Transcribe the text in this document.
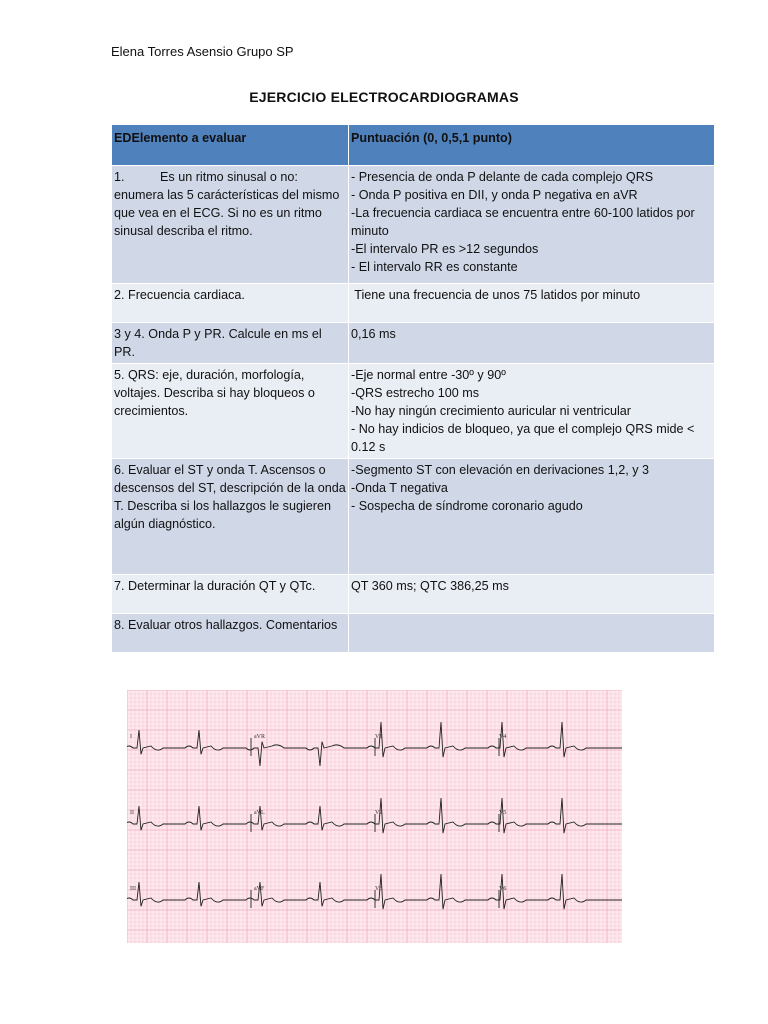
Elena Torres Asensio Grupo SP
EJERCICIO ELECTROCARDIOGRAMAS
EDElemento a evaluar	Puntuación (0, 0,5,1 punto)
1. Es un ritmo sinusal o no: enumera las 5 carácterísticas del mismo que vea en el ECG. Si no es un ritmo sinusal describa el ritmo.	- Presencia de onda P delante de cada complejo QRS
- Onda P positiva en DII, y onda P negativa en aVR
-La frecuencia cardiaca se encuentra entre 60-100 latidos por minuto
-El intervalo PR es >12 segundos
- El intervalo RR es constante

2. Frecuencia cardiaca.	Tiene una frecuencia de unos 75 latidos por minuto
3 y 4. Onda P y PR. Calcule en ms el PR.	0,16 ms
5. QRS: eje, duración, morfología, voltajes. Describa si hay bloqueos o crecimientos.	-Eje normal entre -30º y 90º
-QRS estrecho 100 ms
-No hay ningún crecimiento auricular ni ventricular
- No hay indicios de bloqueo, ya que el complejo QRS mide < 0.12 s

6. Evaluar el ST y onda T. Ascensos o descensos del ST, descripción de la onda
T. Describa si los hallazgos le sugieren algún diagnóstico.	-Segmento ST con elevación en derivaciones 1,2, y 3
-Onda T negativa
- Sospecha de síndrome coronario agudo

7. Determinar la duración QT y QTc.	QT 360 ms; QTC 386,25 ms
8. Evaluar otros hallazgos. Comentarios	
I	aVR	V1	V4
II	aVL	V2	V5
III	aVF	V3	V6
